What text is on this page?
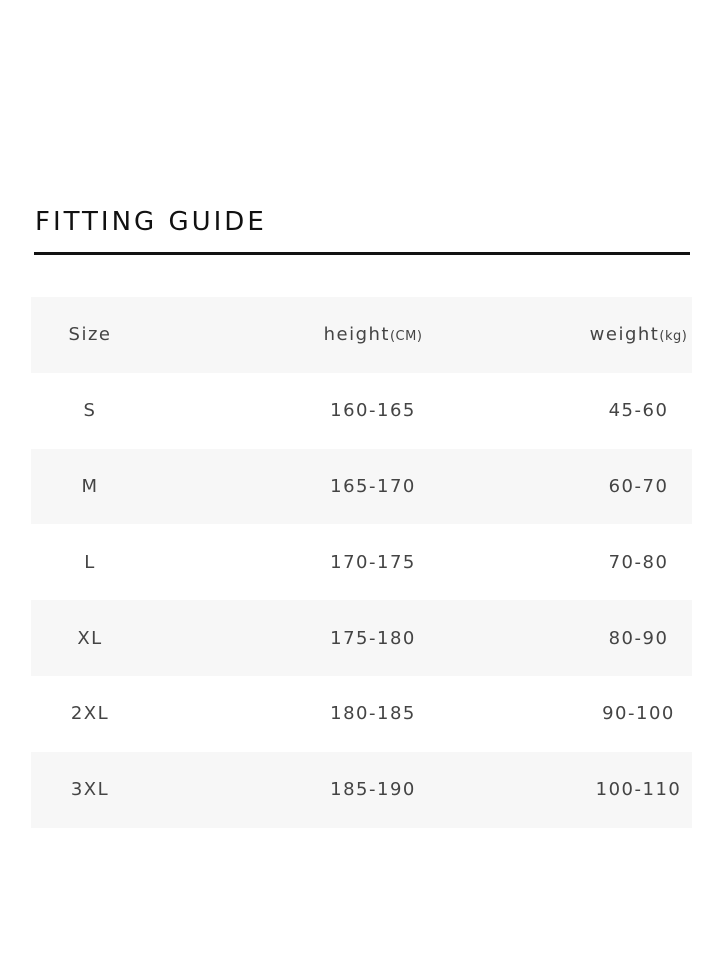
FITTING GUIDE
Size	height(CM)	weight(kg)
S	160-165	45-60
M	165-170	60-70
L	170-175	70-80
XL	175-180	80-90
2XL	180-185	90-100
3XL	185-190	100-110
